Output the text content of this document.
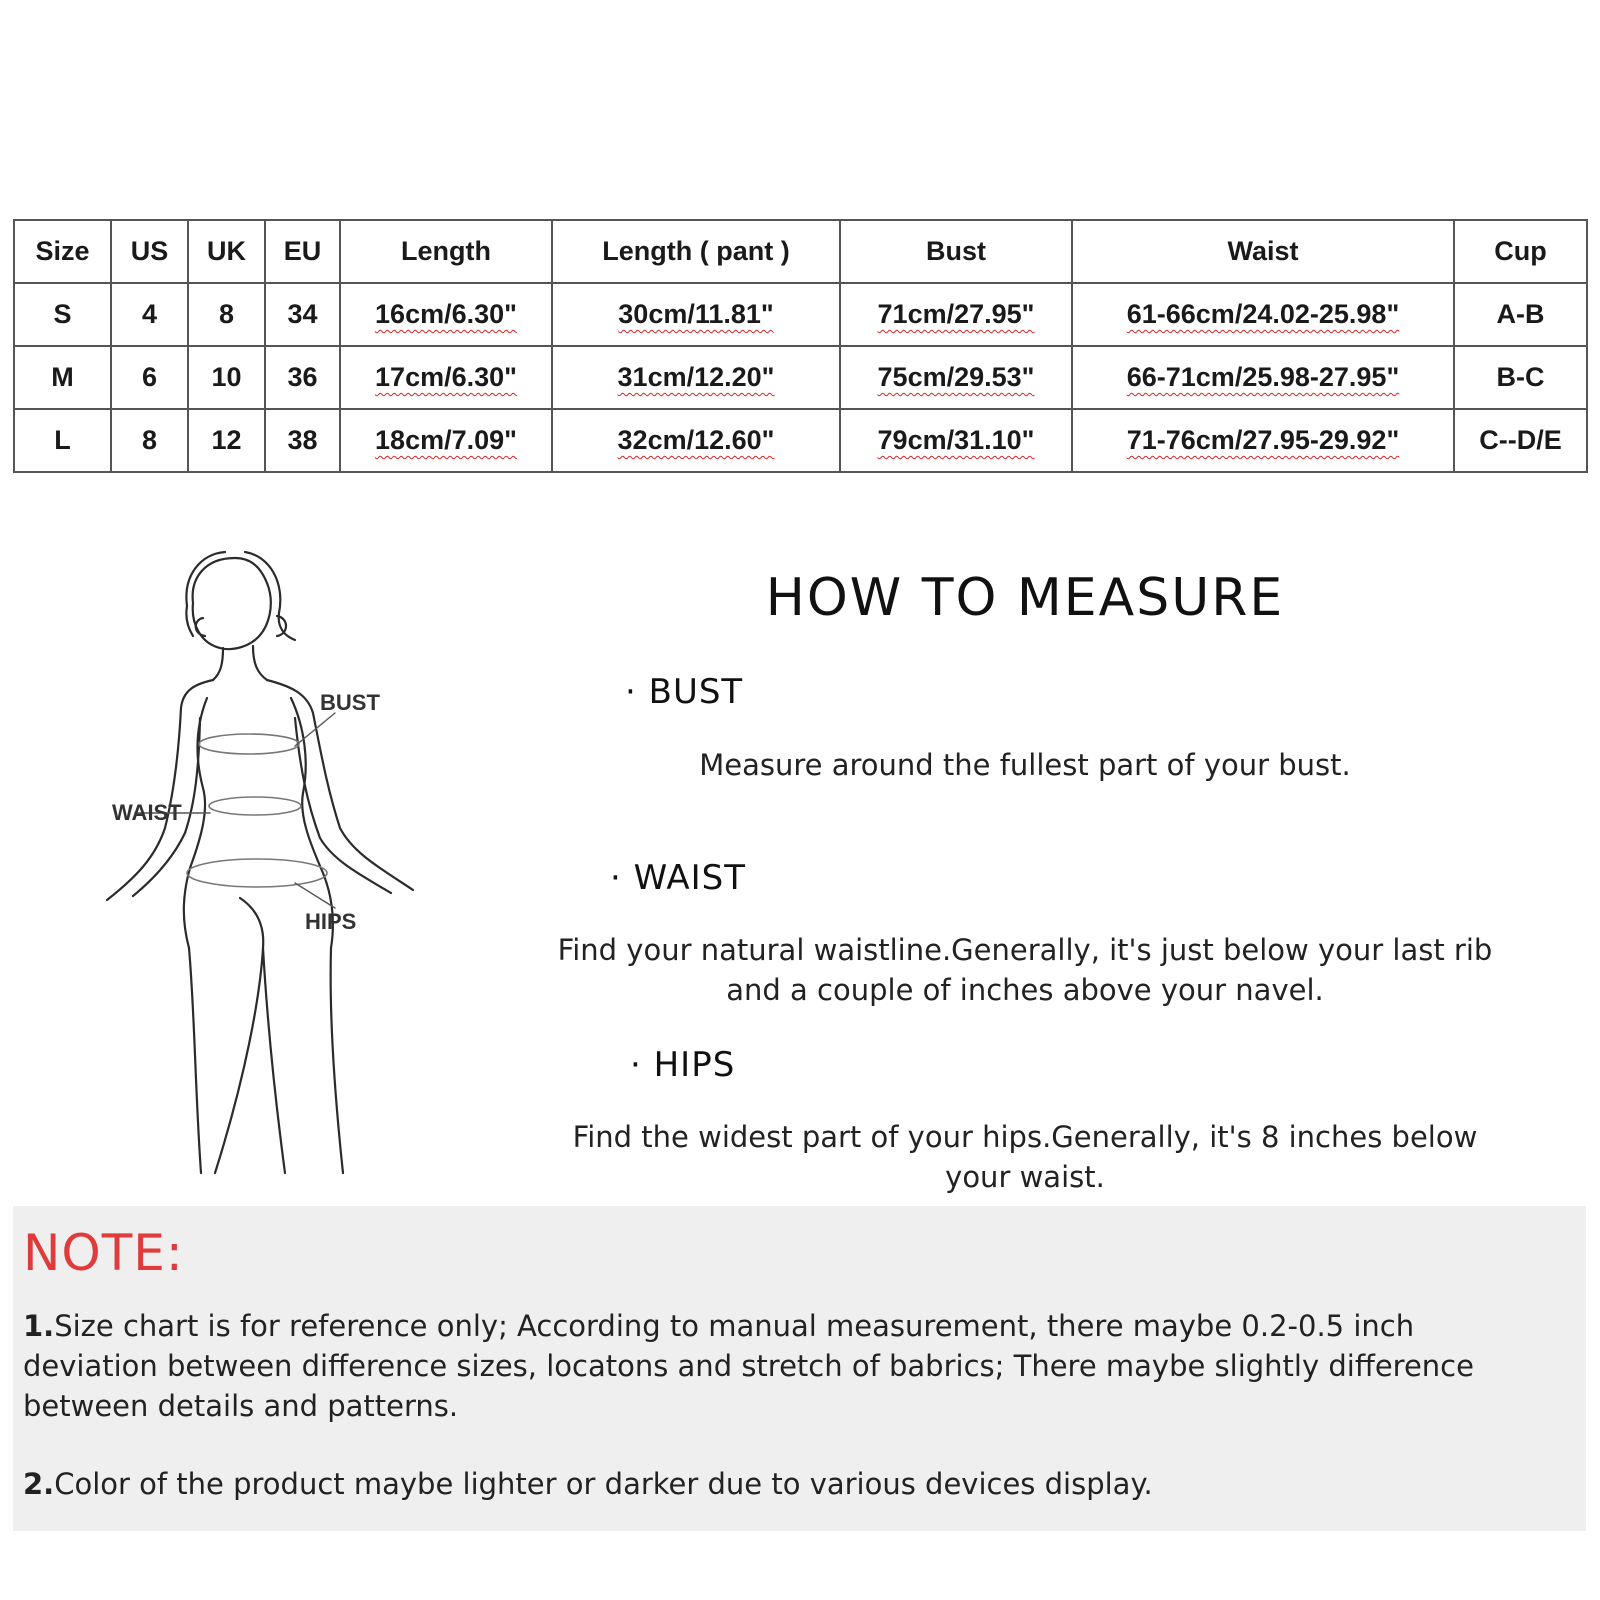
Size	US	UK	EU	Length	Length ( pant )	Bust	Waist	Cup
S	4	8	34	16cm/6.30"	30cm/11.81"	71cm/27.95"	61-66cm/24.02-25.98"	A-B
M	6	10	36	17cm/6.30"	31cm/12.20"	75cm/29.53"	66-71cm/25.98-27.95"	B-C
L	8	12	38	18cm/7.09"	32cm/12.60"	79cm/31.10"	71-76cm/27.95-29.92"	C--D/E
BUST
WAIST
HIPS
HOW TO MEASURE
· BUST
Measure around the fullest part of your bust.
· WAIST
Find your natural waistline.Generally, it's just below your last rib
and a couple of inches above your navel.
· HIPS
Find the widest part of your hips.Generally, it's 8 inches below
your waist.
NOTE:
1.Size chart is for reference only; According to manual measurement, there maybe 0.2-0.5 inch
deviation between difference sizes, locatons and stretch of babrics; There maybe slightly difference
between details and patterns.
2.Color of the product maybe lighter or darker due to various devices display.
